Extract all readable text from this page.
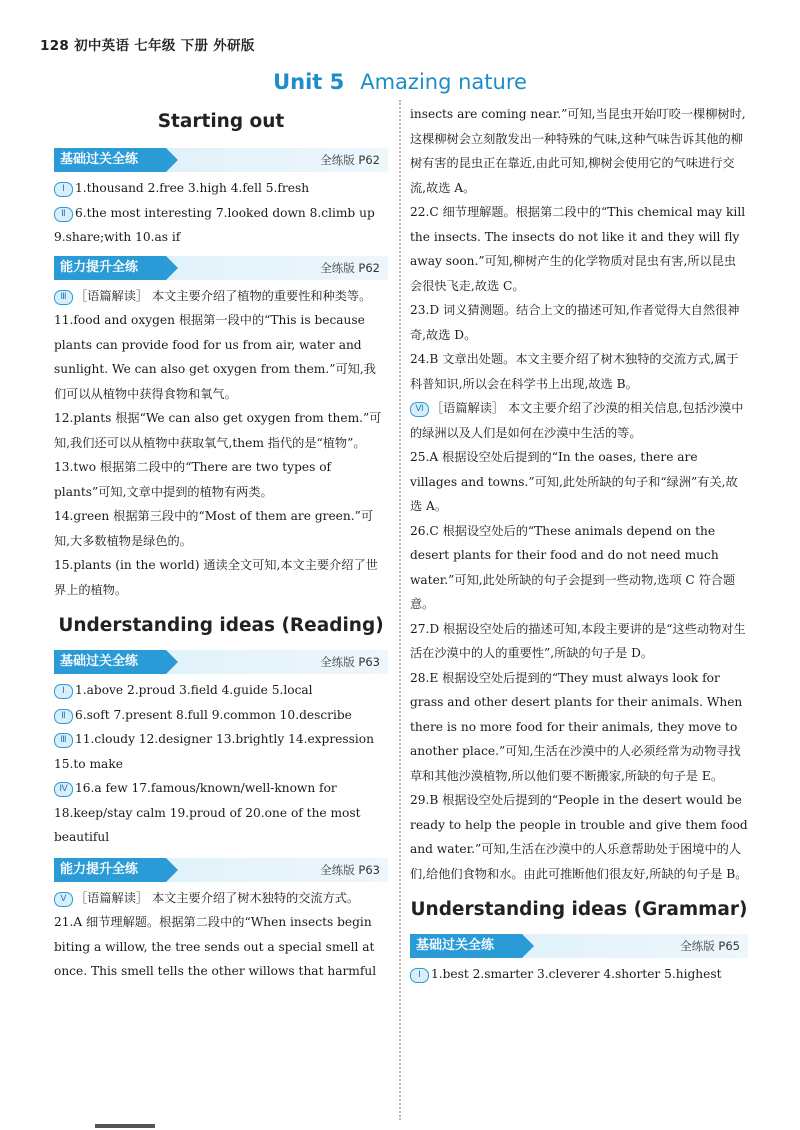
128 初中英语 七年级 下册 外研版
Unit 5 Amazing nature
Starting out
基础过关全练	全练版 P62

Ⅰ 1.thousand 2.free 3.high 4.fell 5.fresh

Ⅱ 6.the most interesting 7.looked down 8.climb up

9.share;with 10.as if

能力提升全练	全练版 P62

Ⅲ ［语篇解读］ 本文主要介绍了植物的重要性和种类等。

11.food and oxygen 根据第一段中的“This is because plants can provide food for us from air, water and sunlight. We can also get oxygen from them.”可知,我们可以从植物中获得食物和氧气。

12.plants 根据“We can also get oxygen from them.”可知,我们还可以从植物中获取氧气,them 指代的是“植物”。

13.two 根据第二段中的“There are two types of plants”可知,文章中提到的植物有两类。

14.green 根据第三段中的“Most of them are green.”可知,大多数植物是绿色的。

15.plants (in the world) 通读全文可知,本文主要介绍了世界上的植物。

Understanding ideas (Reading)
基础过关全练	全练版 P63

Ⅰ 1.above 2.proud 3.field 4.guide 5.local

Ⅱ 6.soft 7.present 8.full 9.common 10.describe

Ⅲ 11.cloudy 12.designer 13.brightly 14.expression

15.to make

Ⅳ 16.a few 17.famous/known/well-known for

18.keep/stay calm 19.proud of 20.one of the most beautiful

能力提升全练	全练版 P63

Ⅴ ［语篇解读］ 本文主要介绍了树木独特的交流方式。

21.A 细节理解题。根据第二段中的“When insects begin biting a willow, the tree sends out a special smell at once. This smell tells the other willows that harmful

insects are coming near.”可知,当昆虫开始叮咬一棵柳树时,这棵柳树会立刻散发出一种特殊的气味,这种气味告诉其他的柳树有害的昆虫正在靠近,由此可知,柳树会使用它的气味进行交流,故选 A。

22.C 细节理解题。根据第二段中的“This chemical may kill the insects. The insects do not like it and they will fly away soon.”可知,柳树产生的化学物质对昆虫有害,所以昆虫会很快飞走,故选 C。

23.D 词义猜测题。结合上文的描述可知,作者觉得大自然很神奇,故选 D。

24.B 文章出处题。本文主要介绍了树木独特的交流方式,属于科普知识,所以会在科学书上出现,故选 B。

Ⅵ ［语篇解读］ 本文主要介绍了沙漠的相关信息,包括沙漠中的绿洲以及人们是如何在沙漠中生活的等。

25.A 根据设空处后提到的“In the oases, there are villages and towns.”可知,此处所缺的句子和“绿洲”有关,故选 A。

26.C 根据设空处后的“These animals depend on the desert plants for their food and do not need much water.”可知,此处所缺的句子会提到一些动物,选项 C 符合题意。

27.D 根据设空处后的描述可知,本段主要讲的是“这些动物对生活在沙漠中的人的重要性”,所缺的句子是 D。

28.E 根据设空处后提到的“They must always look for grass and other desert plants for their animals. When there is no more food for their animals, they move to another place.”可知,生活在沙漠中的人必须经常为动物寻找草和其他沙漠植物,所以他们要不断搬家,所缺的句子是 E。

29.B 根据设空处后提到的“People in the desert would be ready to help the people in trouble and give them food and water.”可知,生活在沙漠中的人乐意帮助处于困境中的人们,给他们食物和水。由此可推断他们很友好,所缺的句子是 B。

Understanding ideas (Grammar)
基础过关全练	全练版 P65

Ⅰ 1.best 2.smarter 3.cleverer 4.shorter 5.highest
